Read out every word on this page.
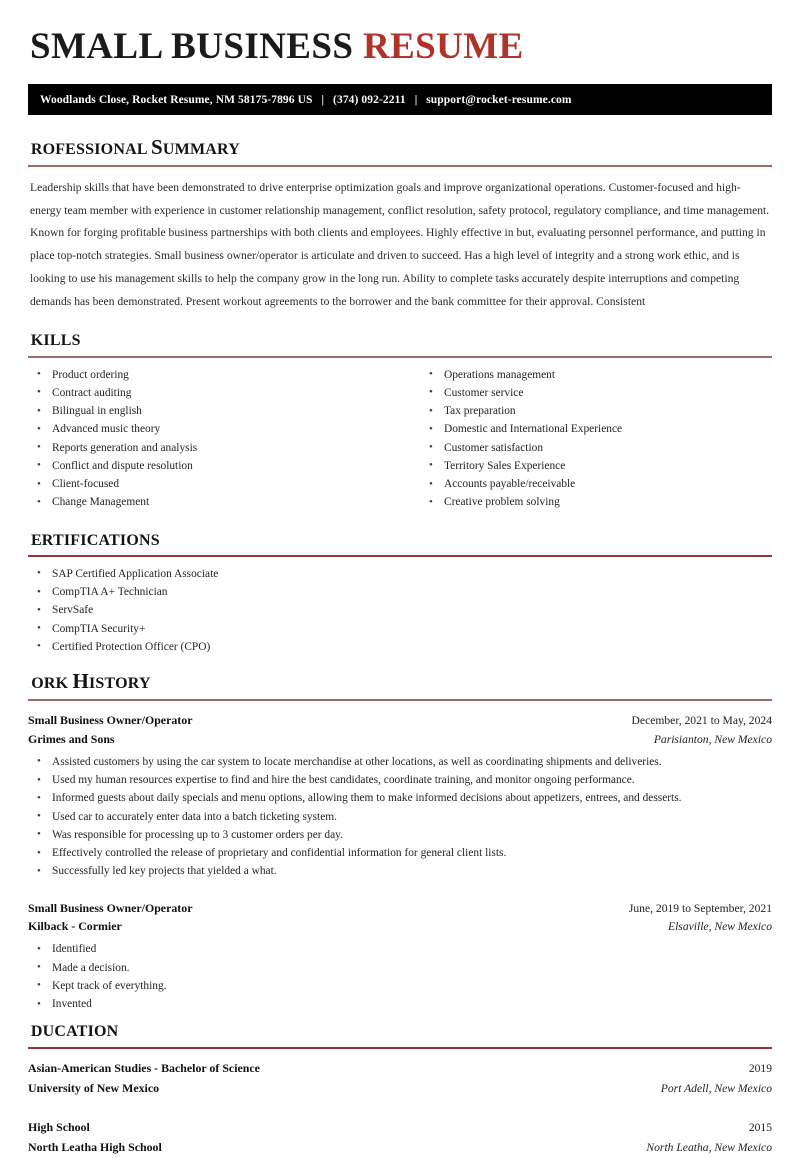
SMALL BUSINESS RESUME
Woodlands Close, Rocket Resume, NM 58175-7896 US | (374) 092-2211 | support@rocket-resume.com
PROFESSIONAL SUMMARY

Leadership skills that have been demonstrated to drive enterprise optimization goals and improve organizational operations. Customer-focused and high-energy team member with experience in customer relationship management, conflict resolution, safety protocol, regulatory compliance, and time management. Known for forging profitable business partnerships with both clients and employees. Highly effective in but, evaluating personnel performance, and putting in place top-notch strategies. Small business owner/operator is articulate and driven to succeed. Has a high level of integrity and a strong work ethic, and is looking to use his management skills to help the company grow in the long run. Ability to complete tasks accurately despite interruptions and competing demands has been demonstrated. Present workout agreements to the borrower and the bank committee for their approval. Consistent

SKILLS
• Product ordering
• Contract auditing
• Bilingual in english
• Advanced music theory
• Reports generation and analysis
• Conflict and dispute resolution
• Client-focused
• Change Management
• Operations management
• Customer service
• Tax preparation
• Domestic and International Experience
• Customer satisfaction
• Territory Sales Experience
• Accounts payable/receivable
• Creative problem solving
CERTIFICATIONS
• SAP Certified Application Associate
• CompTIA A+ Technician
• ServSafe
• CompTIA Security+
• Certified Protection Officer (CPO)
WORK HISTORY
Small Business Owner/Operator	December, 2021 to May, 2024
Grimes and Sons	Parisianton, New Mexico
• Assisted customers by using the car system to locate merchandise at other locations, as well as coordinating shipments and deliveries.
• Used my human resources expertise to find and hire the best candidates, coordinate training, and monitor ongoing performance.
• Informed guests about daily specials and menu options, allowing them to make informed decisions about appetizers, entrees, and desserts.
• Used car to accurately enter data into a batch ticketing system.
• Was responsible for processing up to 3 customer orders per day.
• Effectively controlled the release of proprietary and confidential information for general client lists.
• Successfully led key projects that yielded a what.
Small Business Owner/Operator	June, 2019 to September, 2021
Kilback - Cormier	Elsaville, New Mexico
• Identified
• Made a decision.
• Kept track of everything.
• Invented
EDUCATION
Asian-American Studies - Bachelor of Science	2019
University of New Mexico	Port Adell, New Mexico
High School	2015
North Leatha High School	North Leatha, New Mexico
